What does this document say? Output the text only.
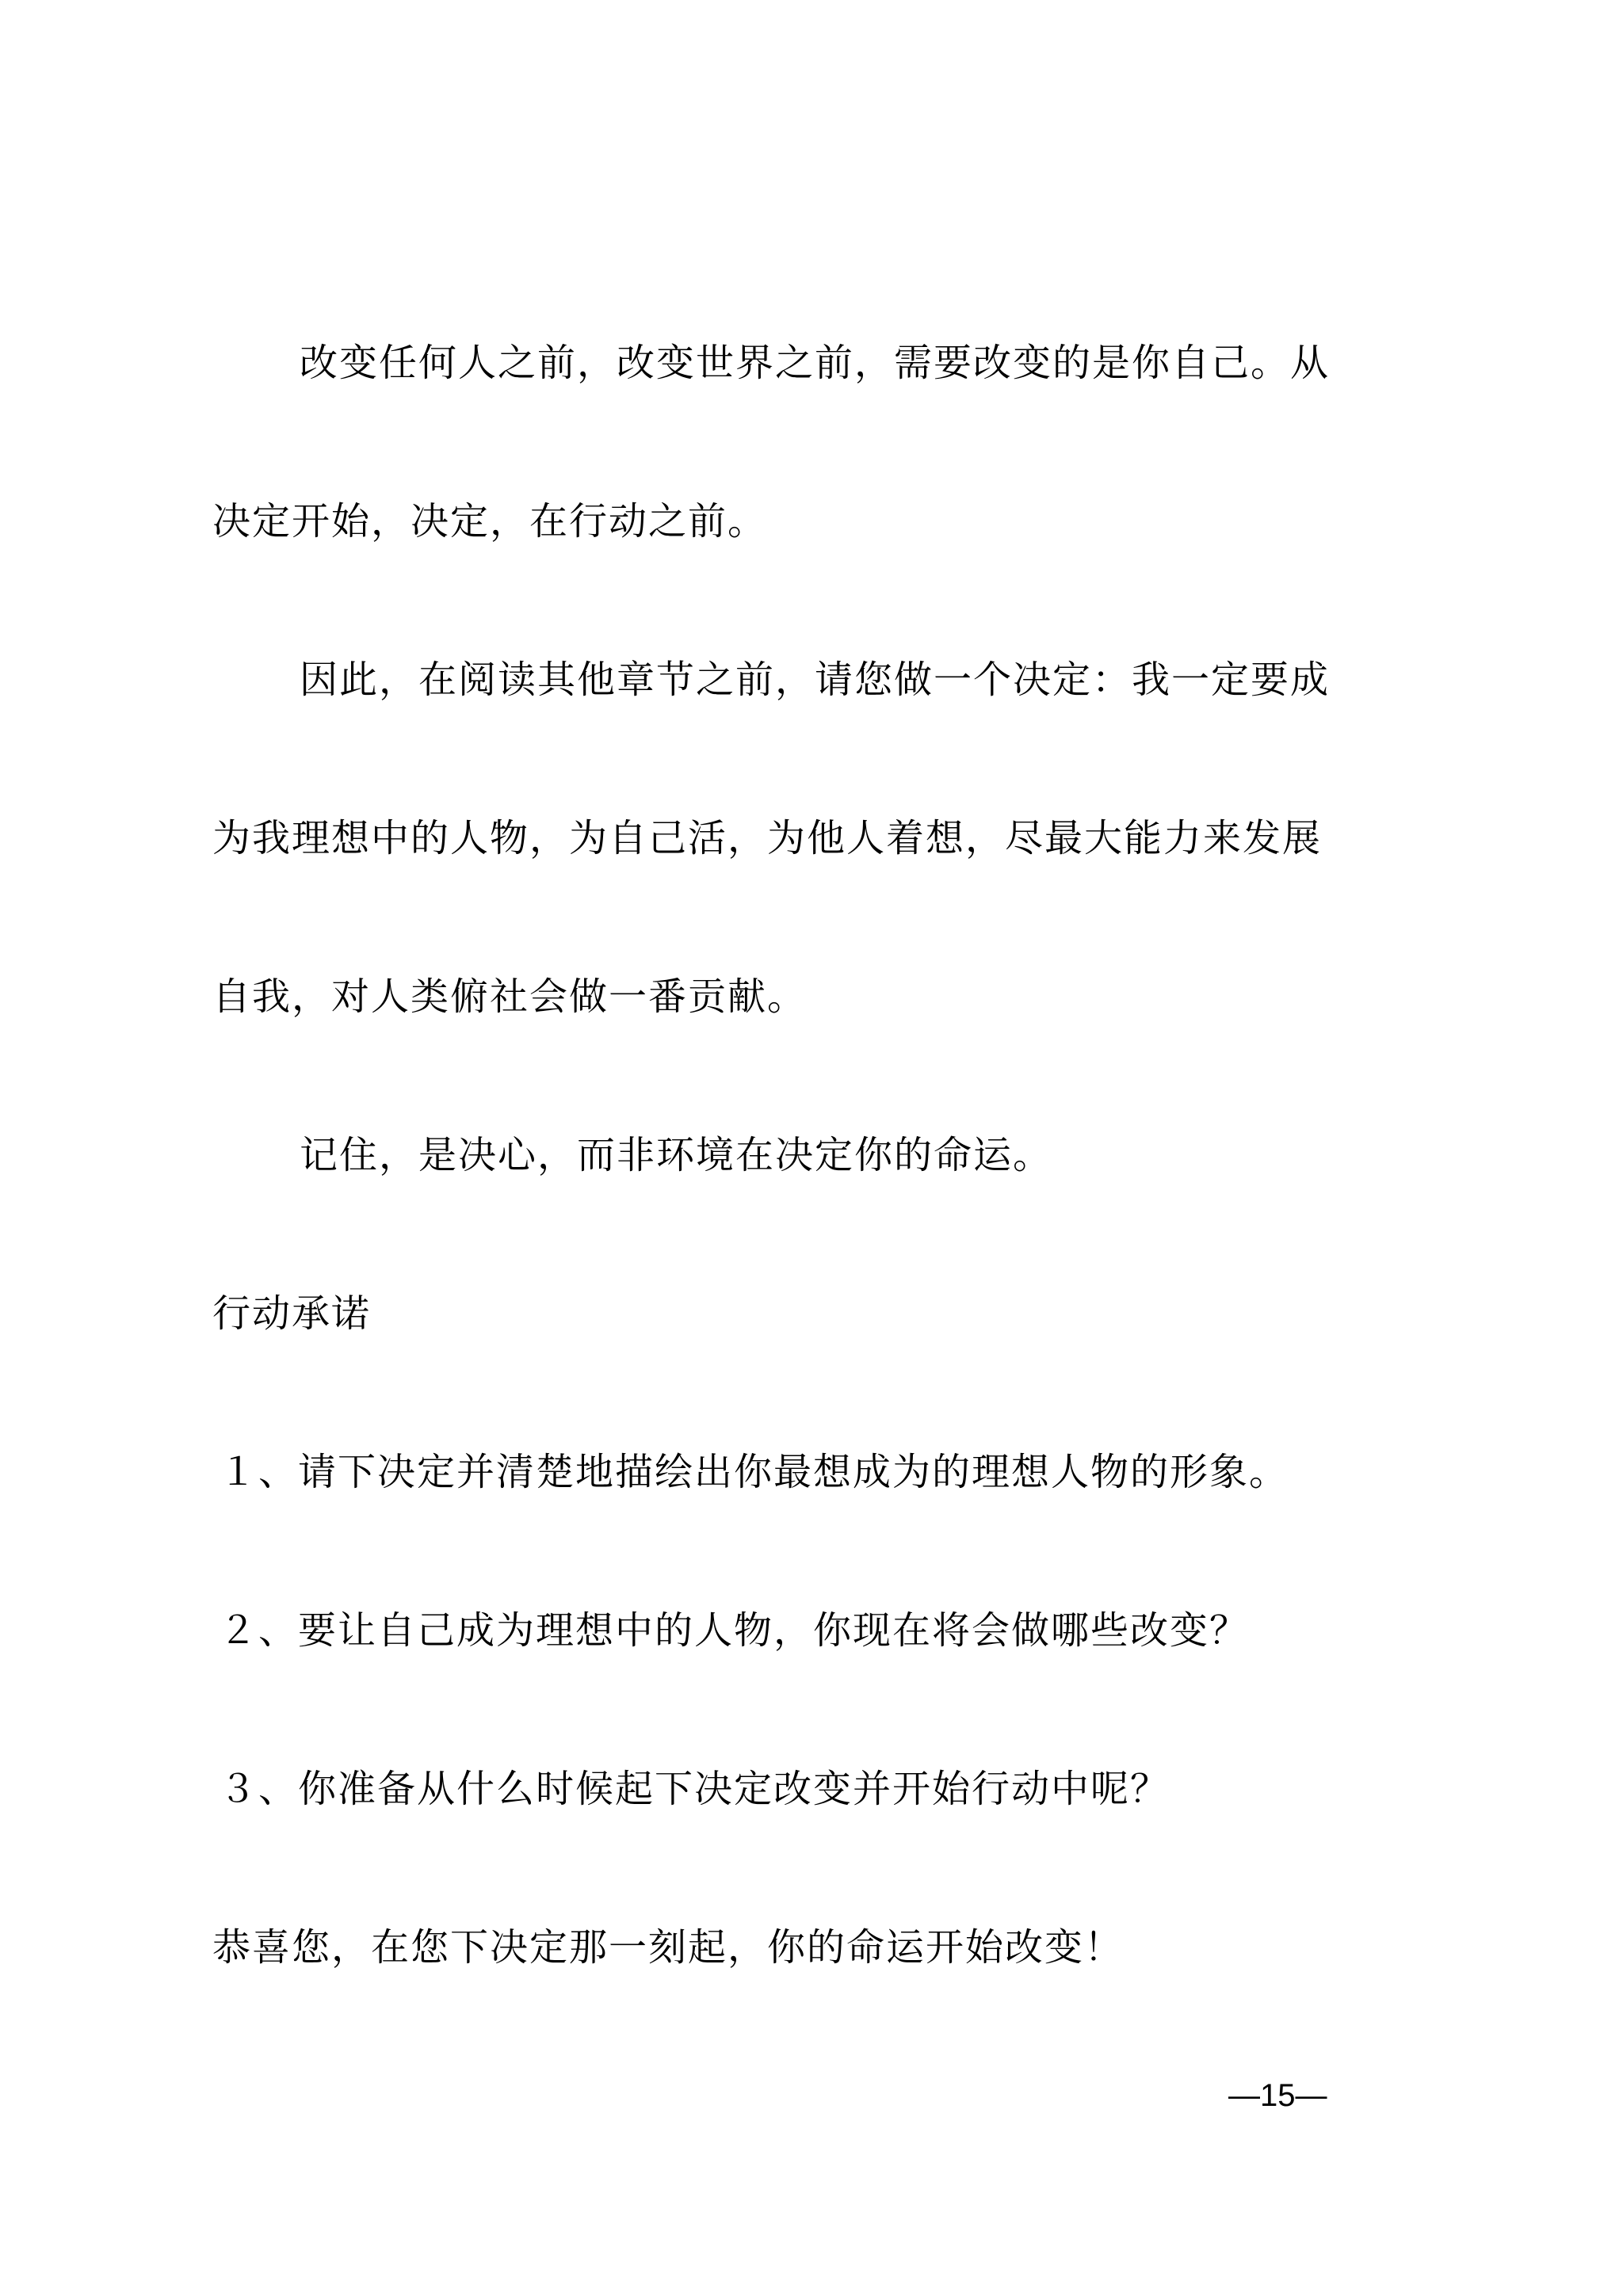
改变任何人之前，改变世界之前，需要改变的是你自己。从
决定开始，决定，在行动之前。
因此，在阅读其他章节之前，请您做一个决定：我一定要成
为我理想中的人物，为自己活，为他人着想，尽最大能力来发展
自我，对人类俯社会做一番贡献。
记住，是决心，而非环境在决定你的命运。
行动承诺
１、请下决定并清楚地描绘出你最想成为的理想人物的形象。
２、要让自己成为理想中的人物，你现在将会做哪些改变？
３、你准备从什么时候起下决定改变并开始行动中呢？
恭喜您，在您下决定那一刻起，你的命运开始改变！
—15—
